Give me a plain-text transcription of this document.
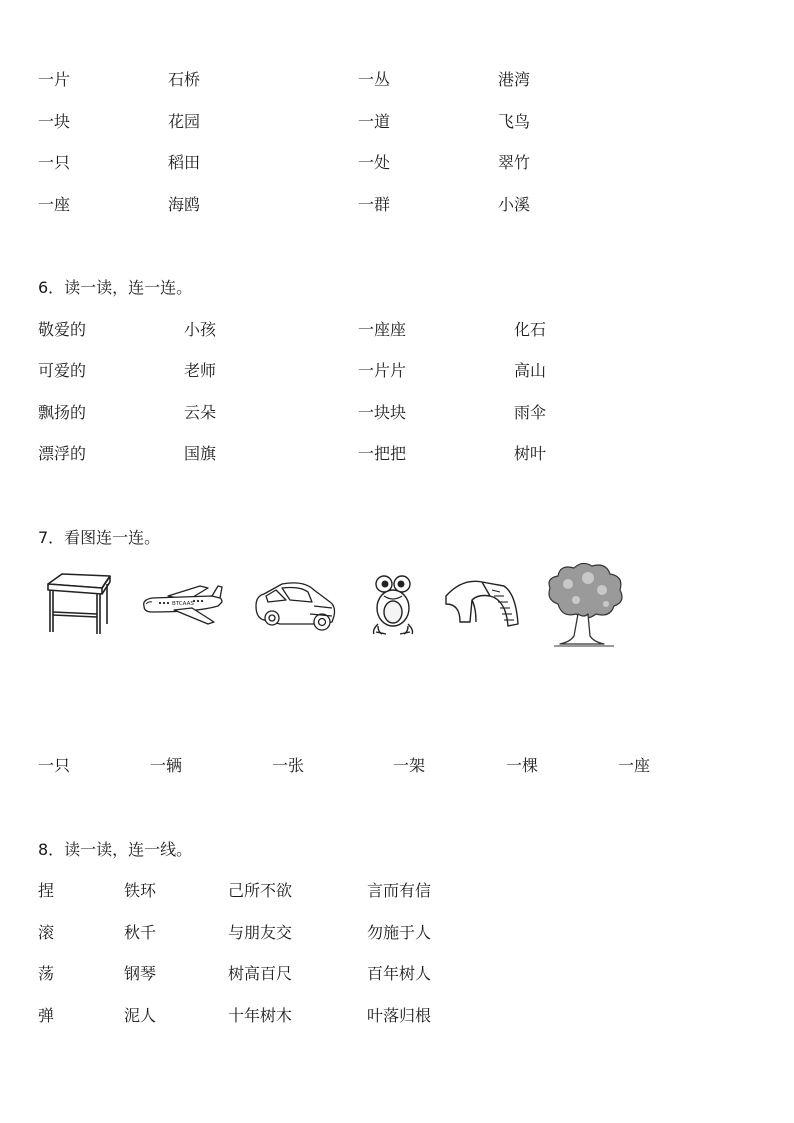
一片	石桥	一丛	港湾
一块	花园	一道	飞鸟
一只	稻田	一处	翠竹
一座	海鸥	一群	小溪
6．读一读，连一连。
敬爱的	小孩	一座座	化石
可爱的	老师	一片片	高山
飘扬的	云朵	一块块	雨伞
漂浮的	国旗	一把把	树叶
7．看图连一连。
BTCAAS
一只	一辆	一张	一架	一棵	一座
8．读一读，连一线。
捏	铁环	己所不欲	言而有信
滚	秋千	与朋友交	勿施于人
荡	钢琴	树高百尺	百年树人
弹	泥人	十年树木	叶落归根
